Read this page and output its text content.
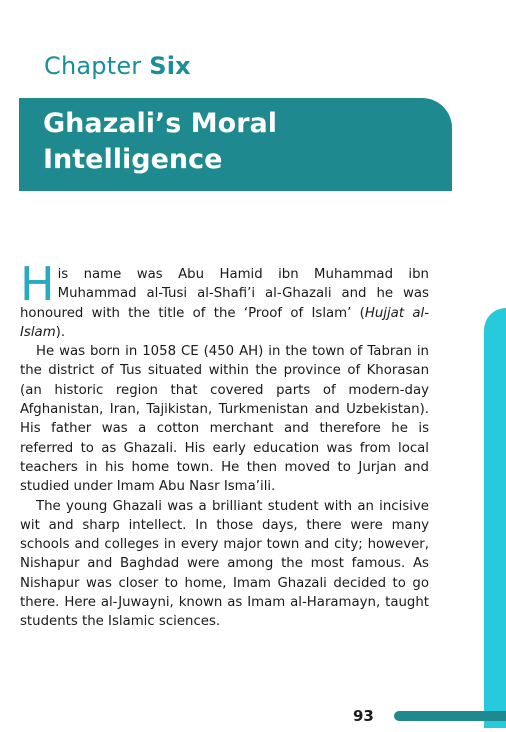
Chapter Six
Ghazali’s Moral
Intelligence

His name was Abu Hamid ibn Muhammad ibn Muhammad al-Tusi al-Shafi’i al-Ghazali and he was honoured with the title of the ‘Proof of Islam’ (Hujjat al-Islam).

He was born in 1058 CE (450 AH) in the town of Tabran in the district of Tus situated within the province of Khorasan (an historic region that covered parts of modern-day Afghanistan, Iran, Tajikistan, Turkmenistan and Uzbekistan). His father was a cotton merchant and therefore he is referred to as Ghazali. His early education was from local teachers in his home town. He then moved to Jurjan and studied under Imam Abu Nasr Isma’ili.

The young Ghazali was a brilliant student with an incisive wit and sharp intellect. In those days, there were many schools and colleges in every major town and city; however, Nishapur and Baghdad were among the most famous. As Nishapur was closer to home, Imam Ghazali decided to go there. Here al-Juwayni, known as Imam al-Haramayn, taught students the Islamic sciences.

93
